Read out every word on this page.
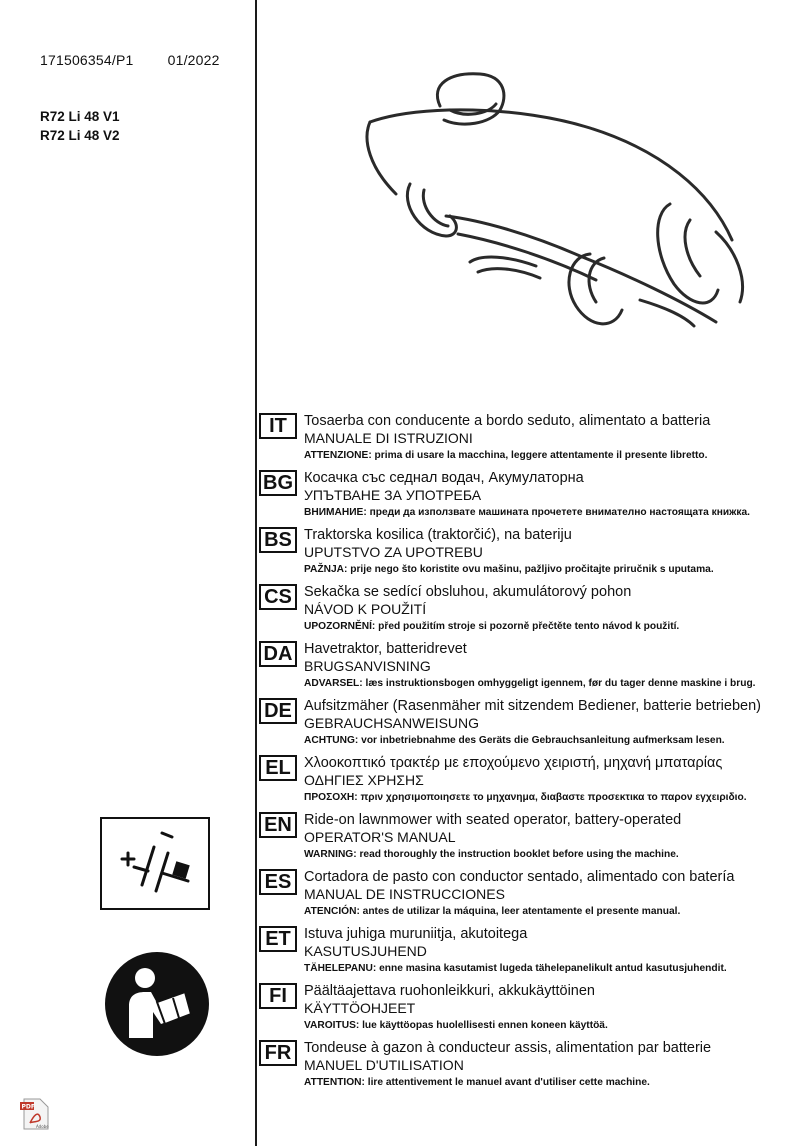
171506354/P1 01/2022
R72 Li 48 V1
R72 Li 48 V2
PDF
Adobe
IT	Tosaerba con conducente a bordo seduto, alimentato a batteria
MANUALE DI ISTRUZIONI
ATTENZIONE: prima di usare la macchina, leggere attentamente il presente libretto.
BG Косачка със седнал водач, Акумулаторна
УПЪТВАНЕ ЗА УПОТРЕБА
ВНИМАНИЕ: преди да използвате машината прочетете внимателно настоящата книжка.
BS Traktorska kosilica (traktorčić), na bateriju
UPUTSTVO ZA UPOTREBU
PAŽNJA: prije nego što koristite ovu mašinu, pažljivo pročitajte priručnik s uputama.
CS Sekačka se sedící obsluhou, akumulátorový pohon
NÁVOD K POUŽITÍ
UPOZORNĚNÍ: před použitím stroje si pozorně přečtěte tento návod k použití.
DA Havetraktor, batteridrevet
BRUGSANVISNING
ADVARSEL: læs instruktionsbogen omhyggeligt igennem, før du tager denne maskine i brug.
DE Aufsitzmäher (Rasenmäher mit sitzendem Bediener, batterie betrieben)
GEBRAUCHSANWEISUNG
ACHTUNG: vor inbetriebnahme des Geräts die Gebrauchsanleitung aufmerksam lesen.
EL Χλοοκοπτικό τρακτέρ με εποχούμενο χειριστή, μηχανή μπαταρίας
ΟΔΗΓΙΕΣ ΧΡΗΣΗΣ
ΠΡΟΣΟΧΗ: πριν χρησιμοποιησετε το μηχανημα, διαβαστε προσεκτικα το παρον εγχειριδιο.
EN Ride-on lawnmower with seated operator, battery-operated
OPERATOR'S MANUAL
WARNING: read thoroughly the instruction booklet before using the machine.
ES Cortadora de pasto con conductor sentado, alimentado con batería
MANUAL DE INSTRUCCIONES
ATENCIÓN: antes de utilizar la máquina, leer atentamente el presente manual.
ET Istuva juhiga muruniitja, akutoitega
KASUTUSJUHEND
TÄHELEPANU: enne masina kasutamist lugeda tähelepanelikult antud kasutusjuhendit.
FI	Päältäajettava ruohonleikkuri, akkukäyttöinen
KÄYTTÖOHJEET
VAROITUS: lue käyttöopas huolellisesti ennen koneen käyttöä.
FR Tondeuse à gazon à conducteur assis, alimentation par batterie
MANUEL D'UTILISATION
ATTENTION: lire attentivement le manuel avant d'utiliser cette machine.
